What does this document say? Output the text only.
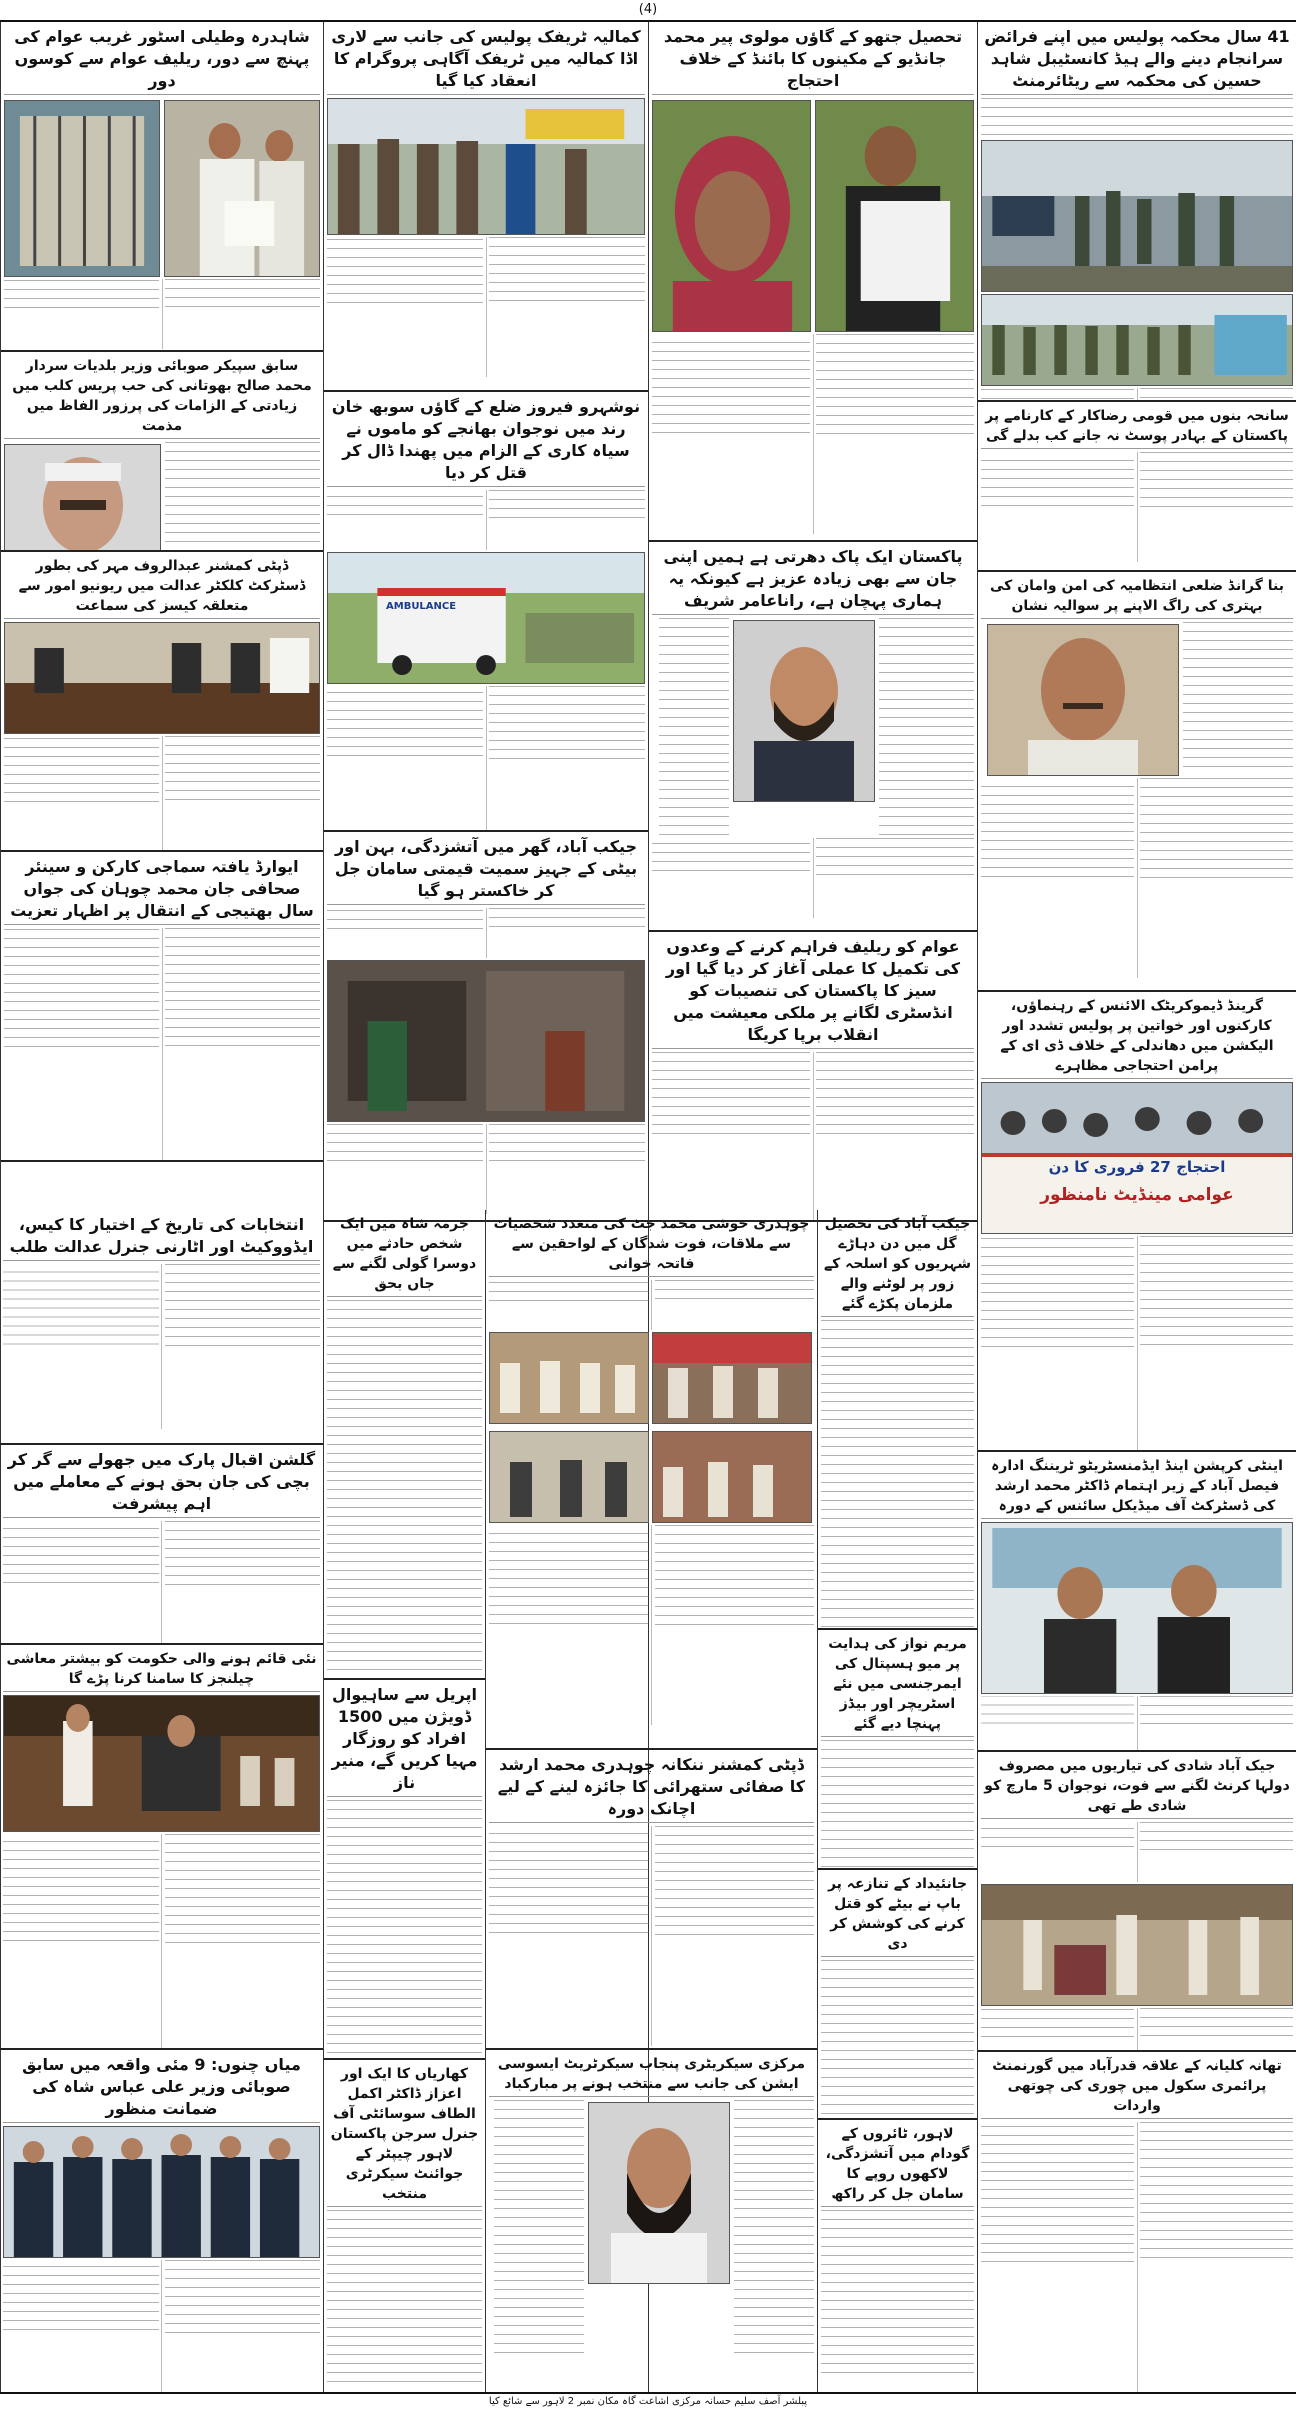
(4)
41 سال محکمہ پولیس میں اپنے فرائض سرانجام دینے والے ہیڈ کانسٹیبل شاہد حسین کی محکمہ سے ریٹائرمنٹ
سانحہ بنوں میں قومی رضاکار کے کارنامے پر پاکستان کے بہادر پوسٹ نہ جانے کب بدلے گی
بنا گرانڈ ضلعی انتظامیہ کی امن وامان کی بہتری کی راگ الاپنے پر سوالیہ نشان
گرینڈ ڈیموکریٹک الائنس کے رہنماؤں، کارکنوں اور خواتین پر پولیس تشدد اور الیکشن میں دھاندلی کے خلاف ڈی ای کے پرامن احتجاجی مظاہرے
احتجاج 27 فروری کا دن
عوامی مینڈیٹ نامنظور
اینٹی کرپشن اینڈ ایڈمنسٹریٹو ٹریننگ ادارہ فیصل آباد کے زیر اہتمام ڈاکٹر محمد ارشد کی ڈسٹرکٹ آف میڈیکل سائنس کے دورہ
جیک آباد شادی کی تیاریوں میں مصروف دولہا کرنٹ لگنے سے فوت، نوجوان 5 مارچ کو شادی طے تھی
تھانہ کلیانہ کے علاقہ قدرآباد میں گورنمنٹ پرائمری سکول میں چوری کی چوتھی واردات
تحصیل جتھو کے گاؤں مولوی پیر محمد جانڈیو کے مکینوں کا بائنڈ کے خلاف احتجاج
پاکستان ایک پاک دھرتی ہے ہمیں اپنی جان سے بھی زیادہ عزیز ہے کیونکہ یہ ہماری پہچان ہے، راناعامر شریف
عوام کو ریلیف فراہم کرنے کے وعدوں کی تکمیل کا عملی آغاز کر دیا گیا اور سیز کا پاکستان کی تنصیبات کو انڈسٹری لگانے پر ملکی معیشت میں انقلاب برپا کریگا
کمالیہ ٹریفک پولیس کی جانب سے لاری اڈا کمالیہ میں ٹریفک آگاہی پروگرام کا انعقاد کیا گیا
نوشہرو فیروز ضلع کے گاؤں سوبھ خان رند میں نوجوان بھانجے کو ماموں نے سیاہ کاری کے الزام میں پھندا ڈال کر قتل کر دیا
AMBULANCE
جیکب آباد، گھر میں آتشزدگی، بہن اور بیٹی کے جہیز سمیت قیمتی سامان جل کر خاکستر ہو گیا
شاہدرہ وطیلی اسٹور غریب عوام کی پہنچ سے دور، ریلیف عوام سے کوسوں دور
سابق سپیکر صوبائی وزیر بلدیات سردار محمد صالح بھوتانی کی حب پریس کلب میں زیادتی کے الزامات کی پرزور الفاظ میں مذمت
ڈپٹی کمشنر عبدالروف مہر کی بطور ڈسٹرکٹ کلکٹر عدالت میں ریونیو امور سے متعلقہ کیسز کی سماعت
ایوارڈ یافتہ سماجی کارکن و سینئر صحافی جان محمد چوہان کی جواں سال بھتیجی کے انتقال پر اظہار تعزیت
جیکب آباد کی تحصیل گل میں دن دہاڑے شہریوں کو اسلحہ کے زور پر لوٹنے والے ملزمان پکڑے گئے
مریم نواز کی ہدایت پر میو ہسپتال کی ایمرجنسی میں نئے اسٹریچر اور بیڈز پہنچا دیے گئے
جانئیداد کے تنازعہ پر باپ نے بیٹے کو قتل کرنے کی کوشش کر دی
لاہور، ٹائروں کے گودام میں آتشزدگی، لاکھوں روپے کا سامان جل کر راکھ
چوہدری خوشی محمد جٹ کی متعدد شخصیات سے ملاقات، فوت شدگان کے لواحقین سے فاتحہ خوانی
ڈپٹی کمشنر ننکانہ چوہدری محمد ارشد کا صفائی ستھرائی کا جائزہ لینے کے لیے اچانک دورہ
مرکزی سیکریٹری پنجاب سیکرٹریٹ ایسوسی ایشن کی جانب سے منتخب ہونے پر مبارکباد
جرمہ شاہ میں ایک شخص حادثے میں دوسرا گولی لگنے سے جاں بحق
اپریل سے ساہیوال ڈویژن میں 1500 افراد کو روزگار مہیا کریں گے، منیر ناز
کھاریاں کا ایک اور اعزاز ڈاکٹر اکمل الطاف سوسائٹی آف جنرل سرجن پاکستان لاہور چیپٹر کے جوائنٹ سیکرٹری منتخب
انتخابات کی تاریخ کے اختیار کا کیس، ایڈووکیٹ اور اٹارنی جنرل عدالت طلب
گلشن اقبال پارک میں جھولے سے گر کر بچی کی جان بحق ہونے کے معاملے میں اہم پیشرفت
نئی قائم ہونے والی حکومت کو بیشتر معاشی چیلنجز کا سامنا کرنا پڑے گا
میاں چنوں: 9 مئی واقعہ میں سابق صوبائی وزیر علی عباس شاہ کی ضمانت منظور
پبلشر آصف سلیم حسانہ مرکزی اشاعت گاہ مکان نمبر 2 لاہور سے شائع کیا
